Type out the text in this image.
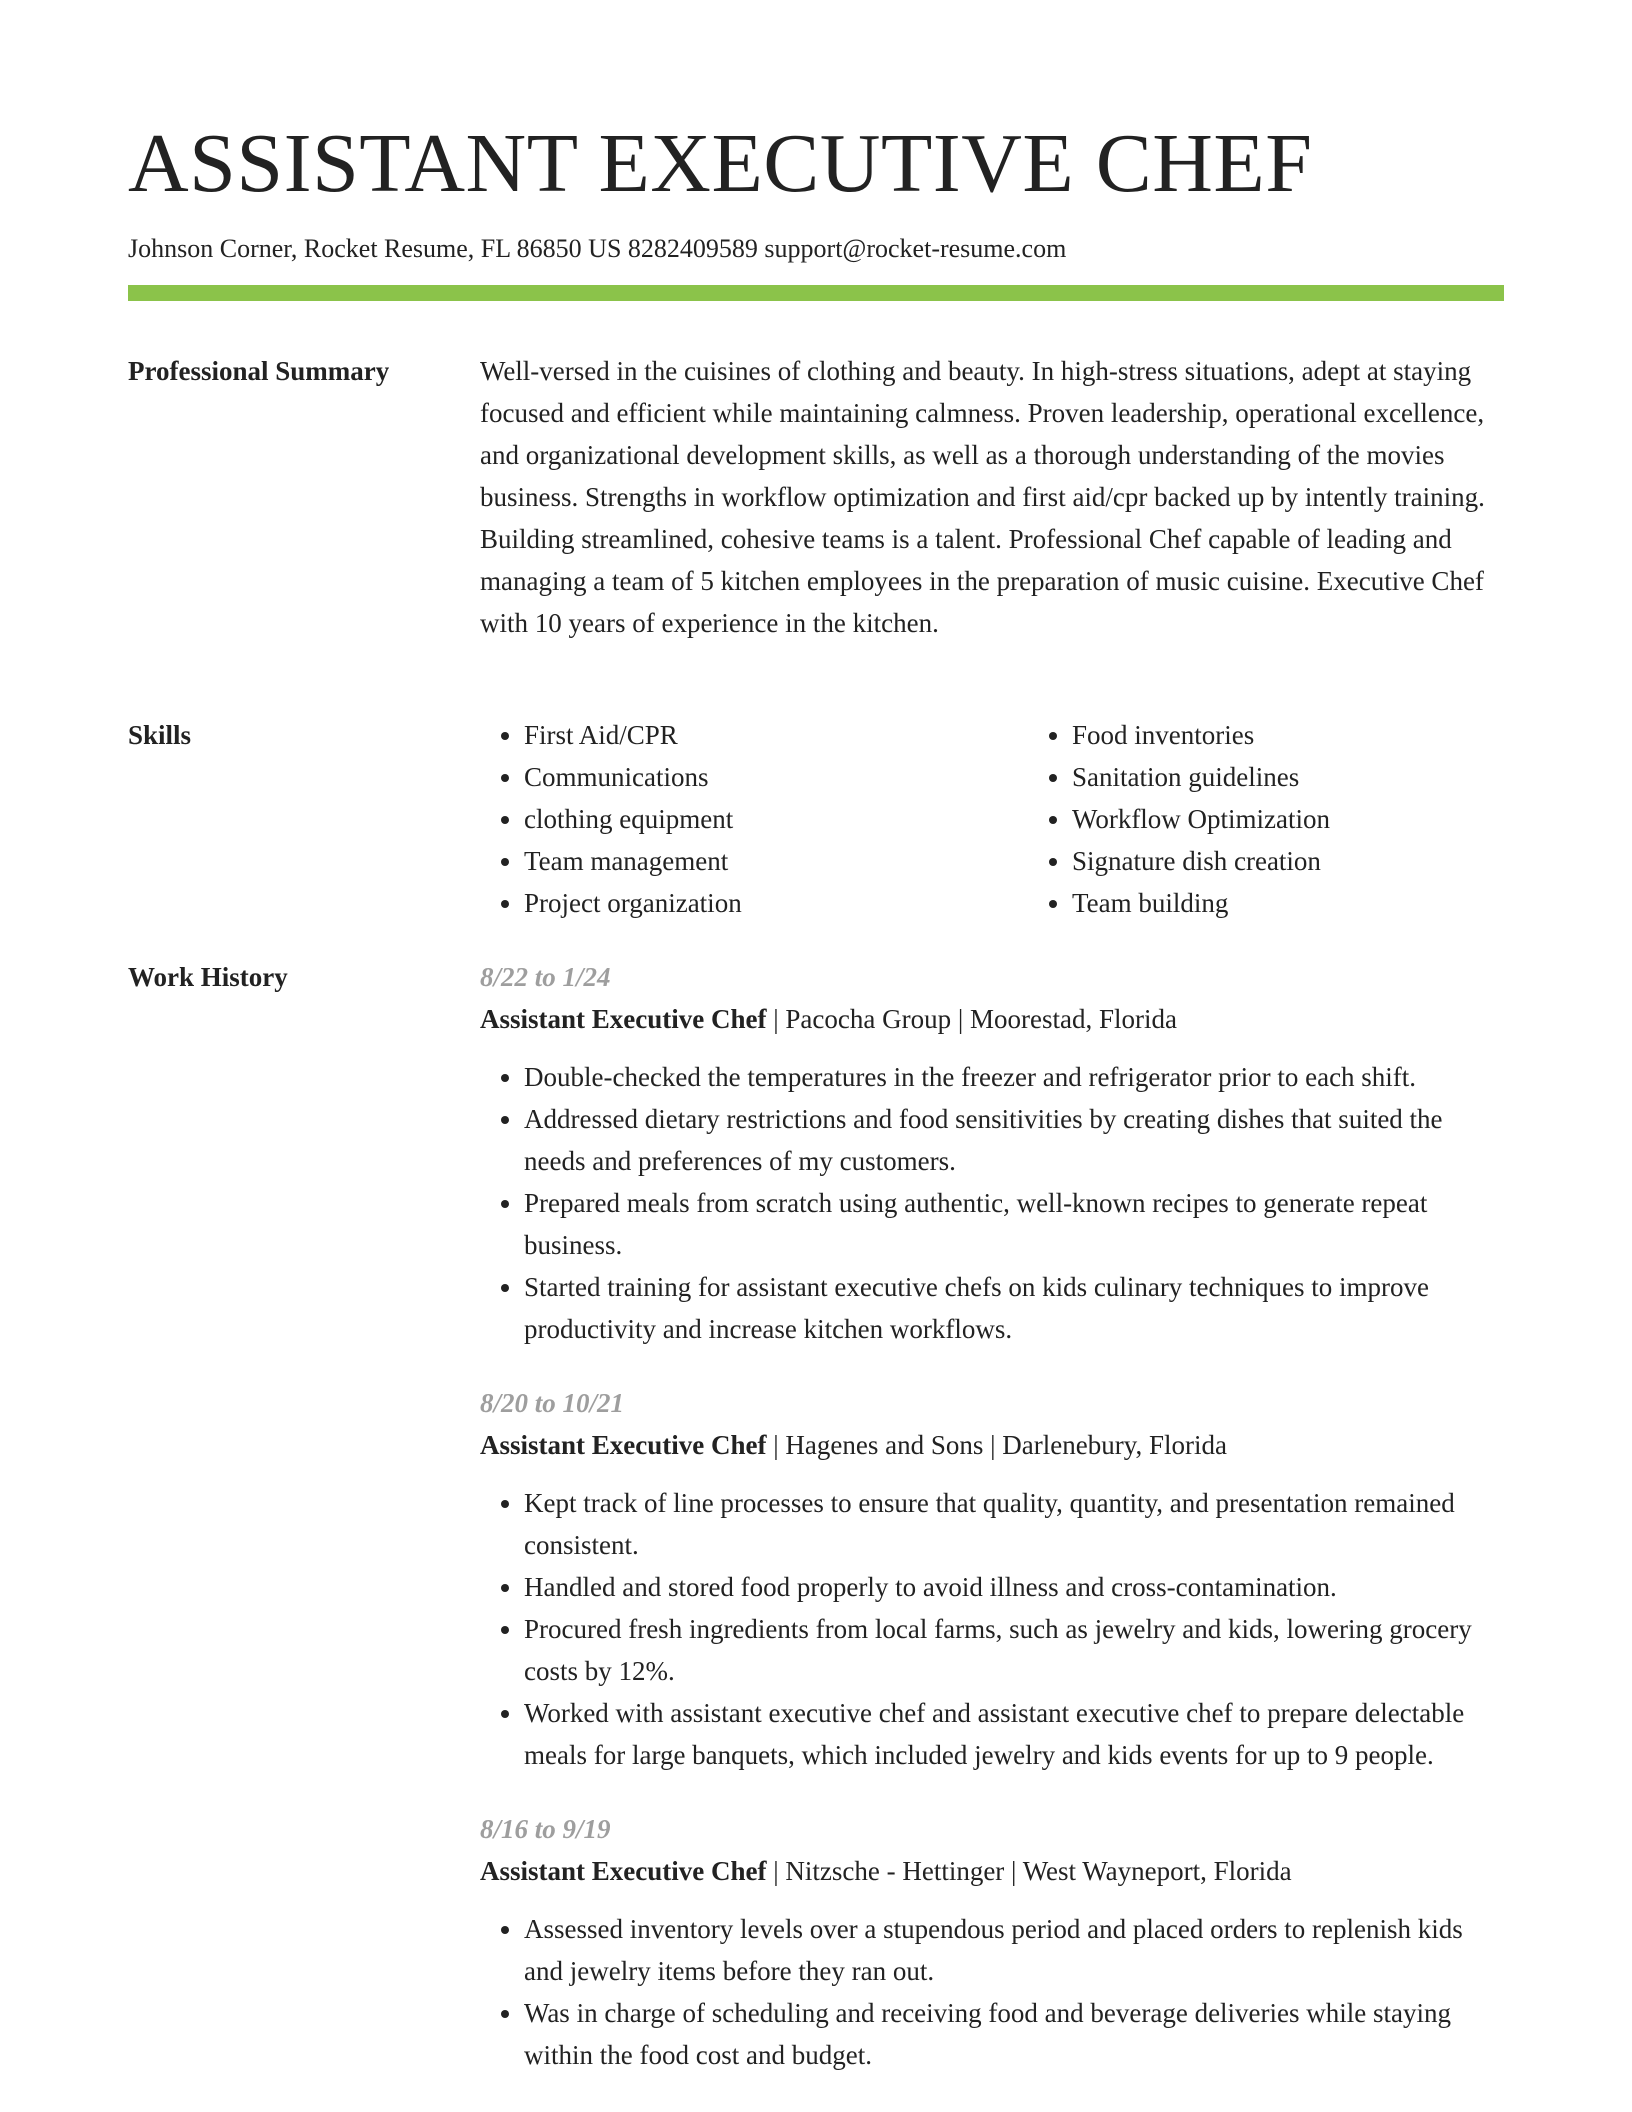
ASSISTANT EXECUTIVE CHEF
Johnson Corner, Rocket Resume, FL 86850 US 8282409589 support@rocket-resume.com
Professional Summary	Well-versed in the cuisines of clothing and beauty. In high-stress situations, adept at staying focused and efficient while maintaining calmness. Proven leadership, operational excellence, and organizational development skills, as well as a thorough understanding of the movies business. Strengths in workflow optimization and first aid/cpr backed up by intently training. Building streamlined, cohesive teams is a talent. Professional Chef capable of leading and managing a team of 5 kitchen employees in the preparation of music cuisine. Executive Chef with 10 years of experience in the kitchen.

Skills
•	First Aid/CPR
• Communications
• clothing equipment
• Team management
• Project organization
• Food inventories
• Sanitation guidelines
• Workflow Optimization
• Signature dish creation
• Team building
Work History	8/22 to 1/24
Assistant Executive Chef | Pacocha Group | Moorestad, Florida
• Double-checked the temperatures in the freezer and refrigerator prior to each shift.
• Addressed dietary restrictions and food sensitivities by creating dishes that suited the needs and preferences of my customers.
• Prepared meals from scratch using authentic, well-known recipes to generate repeat business.
• Started training for assistant executive chefs on kids culinary techniques to improve productivity and increase kitchen workflows.
8/20 to 10/21
Assistant Executive Chef | Hagenes and Sons | Darlenebury, Florida
• Kept track of line processes to ensure that quality, quantity, and presentation remained consistent.
• Handled and stored food properly to avoid illness and cross-contamination.
• Procured fresh ingredients from local farms, such as jewelry and kids, lowering grocery costs by 12%.
• Worked with assistant executive chef and assistant executive chef to prepare delectable meals for large banquets, which included jewelry and kids events for up to 9 people.
8/16 to 9/19
Assistant Executive Chef | Nitzsche - Hettinger | West Wayneport, Florida
• Assessed inventory levels over a stupendous period and placed orders to replenish kids and jewelry items before they ran out.
• Was in charge of scheduling and receiving food and beverage deliveries while staying within the food cost and budget.
